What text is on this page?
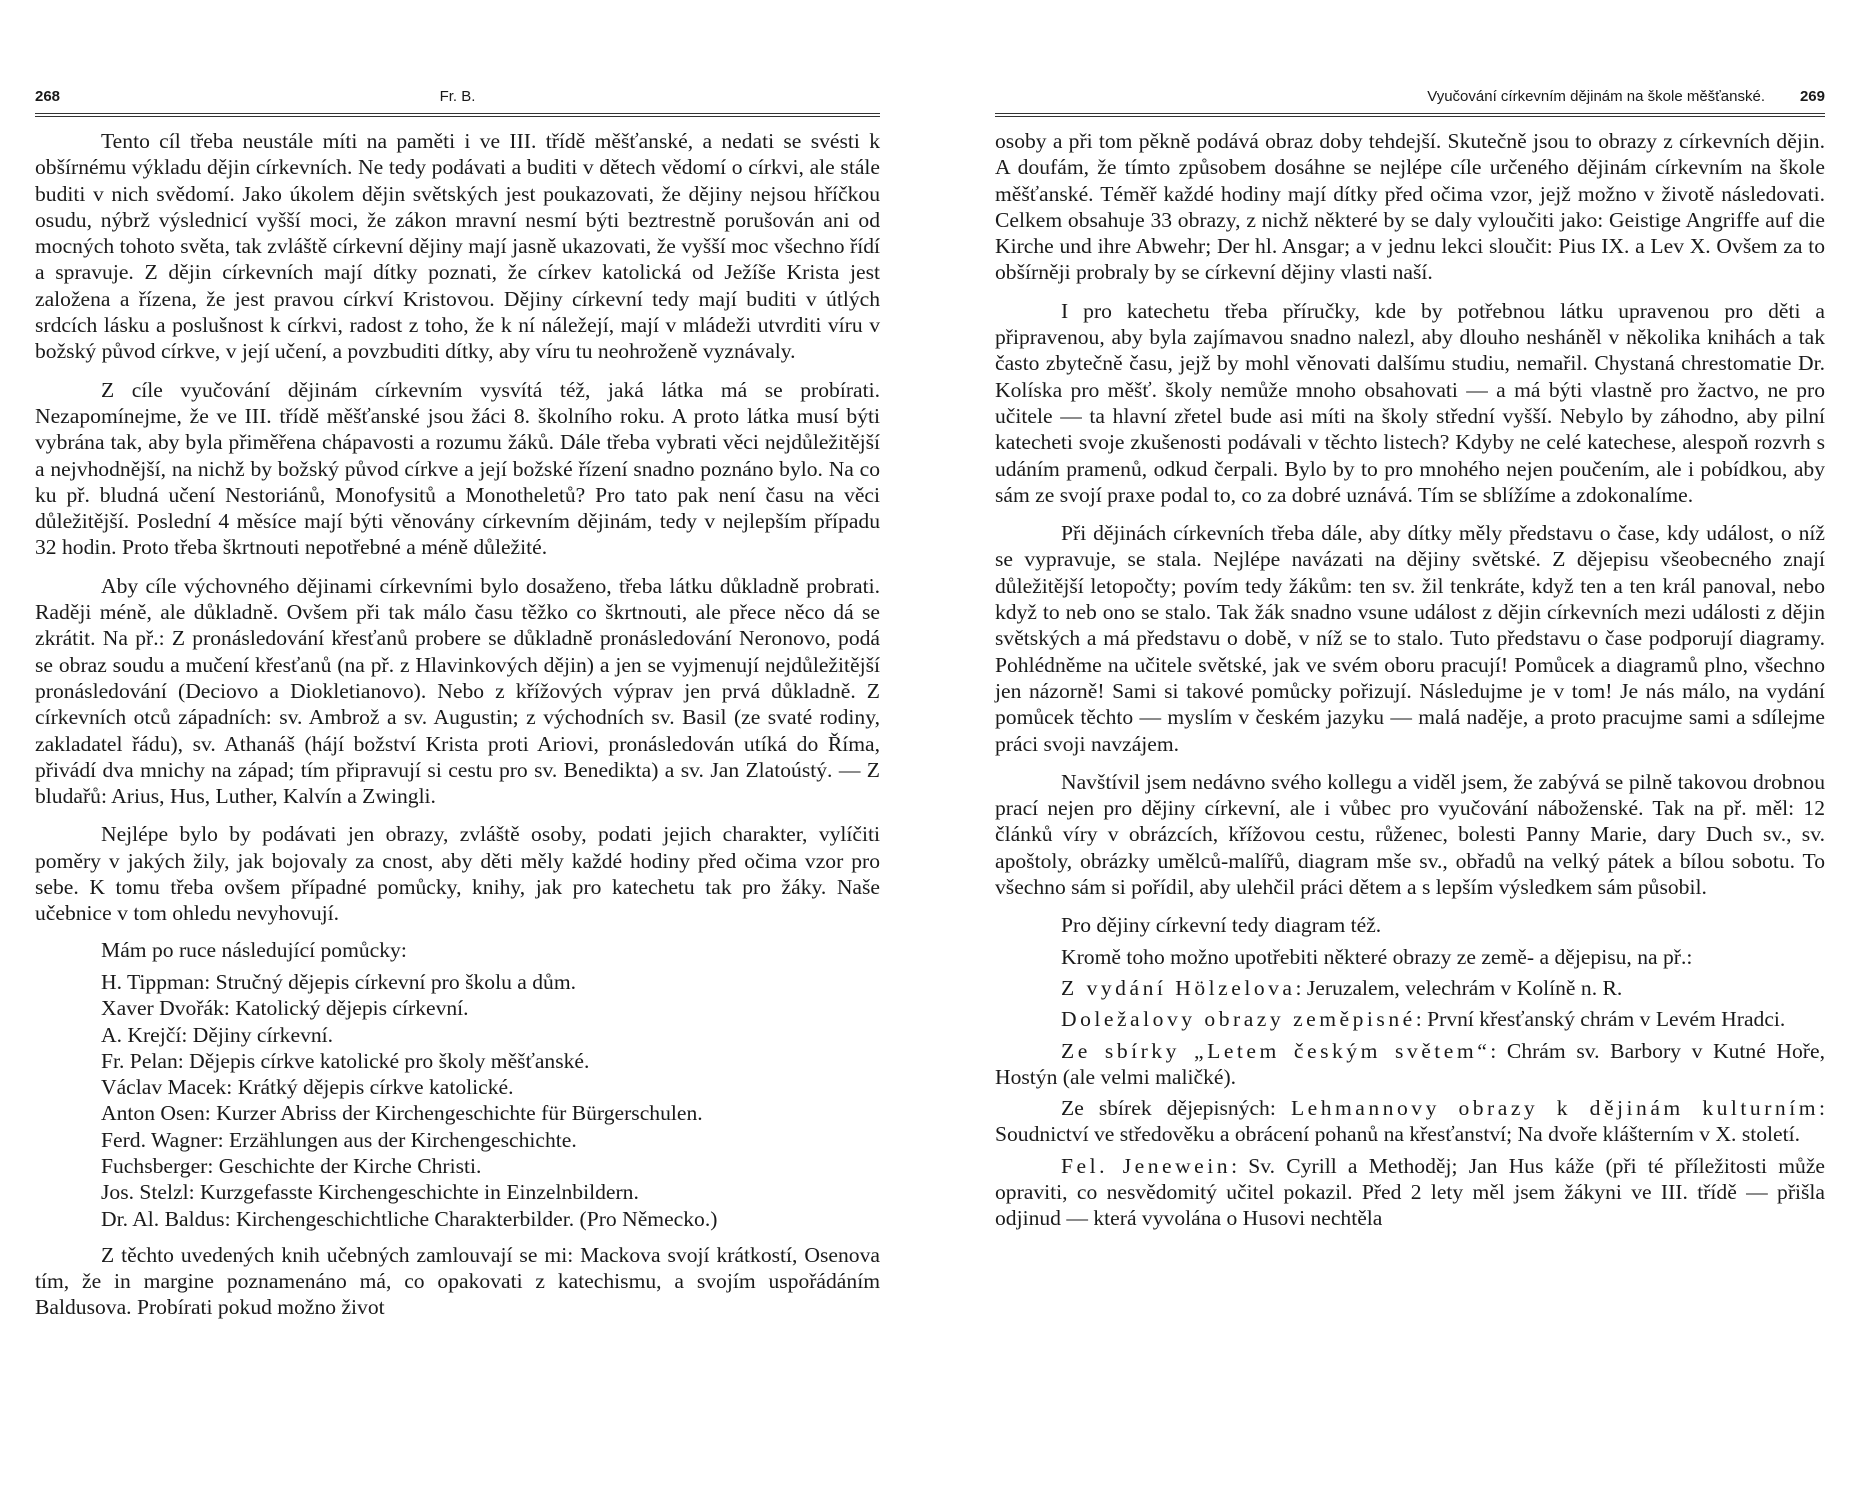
268	Fr. B.

Tento cíl třeba neustále míti na paměti i ve III. třídě měšťanské, a nedati se svésti k obšírnému výkladu dějin církevních. Ne tedy podávati a buditi v dětech vědomí o církvi, ale stále buditi v nich svědomí. Jako úkolem dějin světských jest poukazovati, že dějiny nejsou hříčkou osudu, nýbrž výslednicí vyšší moci, že zákon mravní nesmí býti beztrestně porušován ani od mocných tohoto světa, tak zvláště církevní dějiny mají jasně ukazovati, že vyšší moc všechno řídí a spravuje. Z dějin církevních mají dítky poznati, že církev katolická od Ježíše Krista jest založena a řízena, že jest pravou církví Kristovou. Dějiny církevní tedy mají buditi v útlých srdcích lásku a poslušnost k církvi, radost z toho, že k ní náležejí, mají v mládeži utvrditi víru v božský původ církve, v její učení, a povzbuditi dítky, aby víru tu neohroženě vyznávaly.

Z cíle vyučování dějinám církevním vysvítá též, jaká látka má se probírati. Nezapomínejme, že ve III. třídě měšťanské jsou žáci 8. školního roku. A proto látka musí býti vybrána tak, aby byla přiměřena chápavosti a rozumu žáků. Dále třeba vybrati věci nejdůležitější a nejvhodnější, na nichž by božský původ církve a její božské řízení snadno poznáno bylo. Na co ku př. bludná učení Nestoriánů, Monofysitů a Monotheletů? Pro tato pak není času na věci důležitější. Poslední 4 měsíce mají býti věnovány církevním dějinám, tedy v nejlepším případu 32 hodin. Proto třeba škrtnouti nepotřebné a méně důležité.

Aby cíle výchovného dějinami církevními bylo dosaženo, třeba látku důkladně probrati. Raději méně, ale důkladně. Ovšem při tak málo času těžko co škrtnouti, ale přece něco dá se zkrátit. Na př.: Z pronásledování křesťanů probere se důkladně pronásledování Neronovo, podá se obraz soudu a mučení křesťanů (na př. z Hlavinkových dějin) a jen se vyjmenují nejdůležitější pronásledování (Deciovo a Diokletianovo). Nebo z křížových výprav jen prvá důkladně. Z církevních otců západních: sv. Ambrož a sv. Augustin; z východních sv. Basil (ze svaté rodiny, zakladatel řádu), sv. Athanáš (hájí božství Krista proti Ariovi, pronásledován utíká do Říma, přivádí dva mnichy na západ; tím připravují si cestu pro sv. Benedikta) a sv. Jan Zlatoústý. — Z bludařů: Arius, Hus, Luther, Kalvín a Zwingli.

Nejlépe bylo by podávati jen obrazy, zvláště osoby, podati jejich charakter, vylíčiti poměry v jakých žily, jak bojovaly za cnost, aby děti měly každé hodiny před očima vzor pro sebe. K tomu třeba ovšem případné pomůcky, knihy, jak pro katechetu tak pro žáky. Naše učebnice v tom ohledu nevyhovují.

Mám po ruce následující pomůcky:
H. Tippman: Stručný dějepis církevní pro školu a dům.
Xaver Dvořák: Katolický dějepis církevní.
A. Krejčí: Dějiny církevní.
Fr. Pelan: Dějepis církve katolické pro školy měšťanské.
Václav Macek: Krátký dějepis církve katolické.
Anton Osen: Kurzer Abriss der Kirchengeschichte für Bürgerschulen.
Ferd. Wagner: Erzählungen aus der Kirchengeschichte.
Fuchsberger: Geschichte der Kirche Christi.
Jos. Stelzl: Kurzgefasste Kirchengeschichte in Einzelnbildern.
Dr. Al. Baldus: Kirchengeschichtliche Charakterbilder. (Pro Německo.)

Z těchto uvedených knih učebných zamlouvají se mi: Mackova svojí krátkostí, Osenova tím, že in margine poznamenáno má, co opakovati z katechismu, a svojím uspořádáním Baldusova. Probírati pokud možno život

Vyučování církevním dějinám na škole měšťanské. 269

osoby a při tom pěkně podává obraz doby tehdejší. Skutečně jsou to obrazy z církevních dějin. A doufám, že tímto způsobem dosáhne se nejlépe cíle určeného dějinám církevním na škole měšťanské. Téměř každé hodiny mají dítky před očima vzor, jejž možno v životě následovati. Celkem obsahuje 33 obrazy, z nichž některé by se daly vyloučiti jako: Geistige Angriffe auf die Kirche und ihre Abwehr; Der hl. Ansgar; a v jednu lekci sloučit: Pius IX. a Lev X. Ovšem za to obšírněji probraly by se církevní dějiny vlasti naší.

I pro katechetu třeba příručky, kde by potřebnou látku upravenou pro děti a připravenou, aby byla zajímavou snadno nalezl, aby dlouho nesháněl v několika knihách a tak často zbytečně času, jejž by mohl věnovati dalšímu studiu, nemařil. Chystaná chrestomatie Dr. Kolíska pro měšť. školy nemůže mnoho obsahovati — a má býti vlastně pro žactvo, ne pro učitele — ta hlavní zřetel bude asi míti na školy střední vyšší. Nebylo by záhodno, aby pilní katecheti svoje zkušenosti podávali v těchto listech? Kdyby ne celé katechese, alespoň rozvrh s udáním pramenů, odkud čerpali. Bylo by to pro mnohého nejen poučením, ale i pobídkou, aby sám ze svojí praxe podal to, co za dobré uznává. Tím se sblížíme a zdokonalíme.

Při dějinách církevních třeba dále, aby dítky měly představu o čase, kdy událost, o níž se vypravuje, se stala. Nejlépe navázati na dějiny světské. Z dějepisu všeobecného znají důležitější letopočty; povím tedy žákům: ten sv. žil tenkráte, když ten a ten král panoval, nebo když to neb ono se stalo. Tak žák snadno vsune událost z dějin církevních mezi události z dějin světských a má představu o době, v níž se to stalo. Tuto představu o čase podporují diagramy. Pohlédněme na učitele světské, jak ve svém oboru pracují! Pomůcek a diagramů plno, všechno jen názorně! Sami si takové pomůcky pořizují. Následujme je v tom! Je nás málo, na vydání pomůcek těchto — myslím v českém jazyku — malá naděje, a proto pracujme sami a sdílejme práci svoji navzájem.

Navštívil jsem nedávno svého kollegu a viděl jsem, že zabývá se pilně takovou drobnou prací nejen pro dějiny církevní, ale i vůbec pro vyučování náboženské. Tak na př. měl: 12 článků víry v obrázcích, křížovou cestu, růženec, bolesti Panny Marie, dary Duch sv., sv. apoštoly, obrázky umělců-malířů, diagram mše sv., obřadů na velký pátek a bílou sobotu. To všechno sám si pořídil, aby ulehčil práci dětem a s lepším výsledkem sám působil.

Pro dějiny církevní tedy diagram též.

Kromě toho možno upotřebiti některé obrazy ze země- a dějepisu, na př.:

Z vydání Hölzelova: Jeruzalem, velechrám v Kolíně n. R.

Doležalovy obrazy zeměpisné: První křesťanský chrám v Levém Hradci.

Ze sbírky „Letem českým světem“: Chrám sv. Barbory v Kutné Hoře, Hostýn (ale velmi maličké).

Ze sbírek dějepisných: Lehmannovy obrazy k dějinám kulturním: Soudnictví ve středověku a obrácení pohanů na křesťanství; Na dvoře klášterním v X. století.

Fel. Jenewein: Sv. Cyrill a Methoděj; Jan Hus káže (při té příležitosti může opraviti, co nesvědomitý učitel pokazil. Před 2 lety měl jsem žákyni ve III. třídě — přišla odjinud — která vyvolána o Husovi nechtěla
